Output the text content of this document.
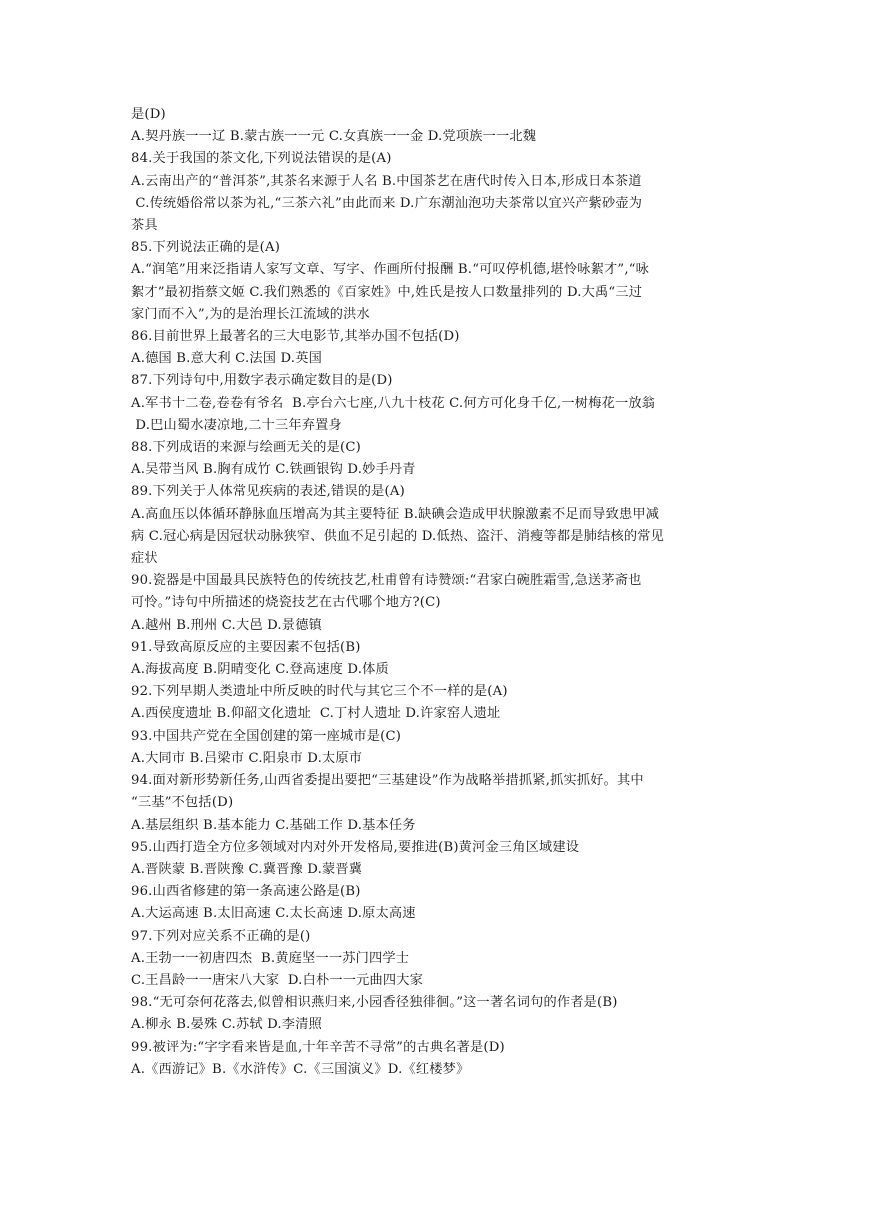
是(D)
A.契丹族一一辽 B.蒙古族一一元 C.女真族一一金 D.党项族一一北魏
84.关于我国的茶文化,下列说法错误的是(A)
A.云南出产的“普洱茶”,其茶名来源于人名 B.中国茶艺在唐代时传入日本,形成日本茶道
C.传统婚俗常以茶为礼,“三茶六礼”由此而来 D.广东潮汕泡功夫茶常以宜兴产紫砂壶为
茶具
85.下列说法正确的是(A)
A.“润笔”用来泛指请人家写文章、写字、作画所付报酬 B.“可叹停机德,堪怜咏絮才”,“咏
絮才”最初指蔡文姬 C.我们熟悉的《百家姓》中,姓氏是按人口数量排列的 D.大禹“三过
家门而不入”,为的是治理长江流域的洪水
86.目前世界上最著名的三大电影节,其举办国不包括(D)
A.德国 B.意大利 C.法国 D.英国
87.下列诗句中,用数字表示确定数目的是(D)
A.军书十二卷,卷卷有爷名  B.亭台六七座,八九十枝花 C.何方可化身千亿,一树梅花一放翁
D.巴山蜀水凄凉地,二十三年弃置身
88.下列成语的来源与绘画无关的是(C)
A.吴带当风 B.胸有成竹 C.铁画银钩 D.妙手丹青
89.下列关于人体常见疾病的表述,错误的是(A)
A.高血压以体循环静脉血压增高为其主要特征 B.缺碘会造成甲状腺激素不足而导致患甲减
病 C.冠心病是因冠状动脉狭窄、供血不足引起的 D.低热、盗汗、消瘦等都是肺结核的常见
症状
90.瓷器是中国最具民族特色的传统技艺,杜甫曾有诗赞颂:“君家白碗胜霜雪,急送茅斋也
可怜。”诗句中所描述的烧瓷技艺在古代哪个地方?(C)
A.越州 B.刑州 C.大邑 D.景德镇
91.导致高原反应的主要因素不包括(B)
A.海拔高度 B.阴晴变化 C.登高速度 D.体质
92.下列早期人类遗址中所反映的时代与其它三个不一样的是(A)
A.西侯度遗址 B.仰韶文化遗址  C.丁村人遗址 D.许家窑人遗址
93.中国共产党在全国创建的第一座城市是(C)
A.大同市 B.吕梁市 C.阳泉市 D.太原市
94.面对新形势新任务,山西省委提出要把“三基建设”作为战略举措抓紧,抓实抓好。其中
“三基”不包括(D)
A.基层组织 B.基本能力 C.基础工作 D.基本任务
95.山西打造全方位多领域对内对外开发格局,要推进(B)黄河金三角区域建设
A.晋陕蒙 B.晋陕豫 C.冀晋豫 D.蒙晋冀
96.山西省修建的第一条高速公路是(B)
A.大运高速 B.太旧高速 C.太长高速 D.原太高速
97.下列对应关系不正确的是()
A.王勃一一初唐四杰  B.黄庭坚一一苏门四学士
C.王昌龄一一唐宋八大家  D.白朴一一元曲四大家
98.“无可奈何花落去,似曾相识燕归来,小园香径独徘徊。”这一著名词句的作者是(B)
A.柳永 B.晏殊 C.苏轼 D.李清照
99.被评为:“字字看来皆是血,十年辛苦不寻常”的古典名著是(D)
A.《西游记》B.《水浒传》C.《三国演义》D.《红楼梦》
